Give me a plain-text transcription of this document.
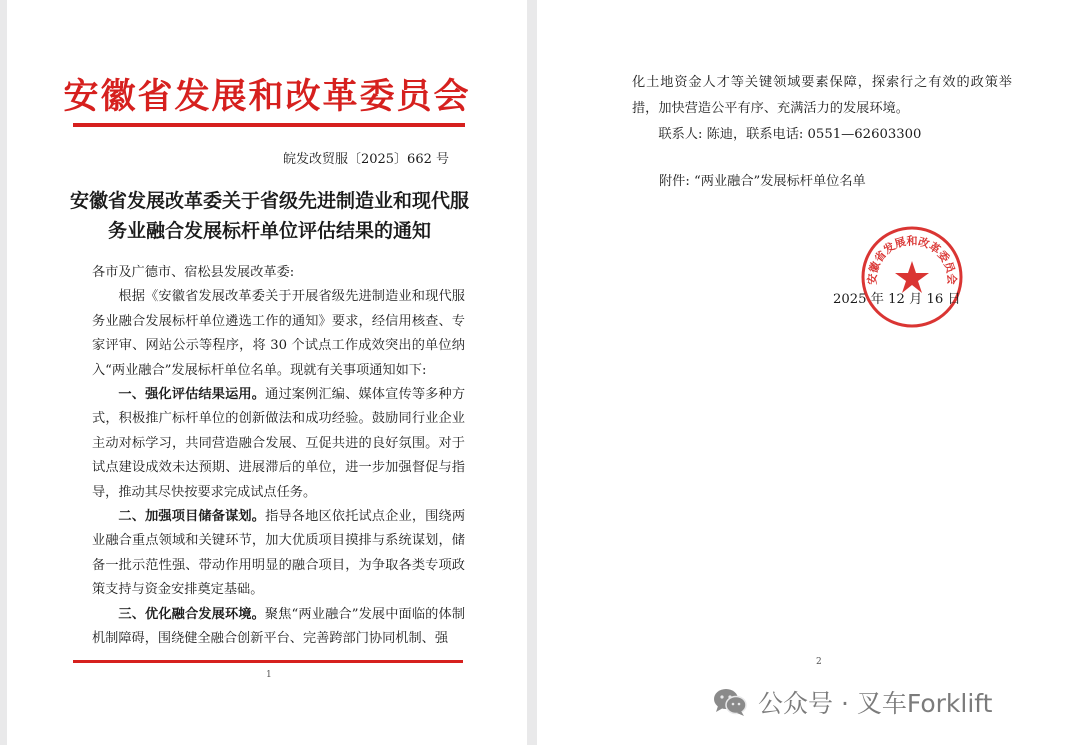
安徽省发展和改革委员会
皖发改贸服〔2025〕662 号
安徽省发展改革委关于省级先进制造业和现代服务业融合发展标杆单位评估结果的通知

各市及广德市、宿松县发展改革委:

根据《安徽省发展改革委关于开展省级先进制造业和现代服务业融合发展标杆单位遴选工作的通知》要求，经信用核查、专家评审、网站公示等程序，将 30 个试点工作成效突出的单位纳入“两业融合”发展标杆单位名单。现就有关事项通知如下:

一、强化评估结果运用。通过案例汇编、媒体宣传等多种方式，积极推广标杆单位的创新做法和成功经验。鼓励同行业企业主动对标学习，共同营造融合发展、互促共进的良好氛围。对于试点建设成效未达预期、进展滞后的单位，进一步加强督促与指导，推动其尽快按要求完成试点任务。

二、加强项目储备谋划。指导各地区依托试点企业，围绕两业融合重点领域和关键环节，加大优质项目摸排与系统谋划，储备一批示范性强、带动作用明显的融合项目，为争取各类专项政策支持与资金安排奠定基础。

三、优化融合发展环境。聚焦“两业融合”发展中面临的体制机制障碍，围绕健全融合创新平台、完善跨部门协同机制、强

1

化土地资金人才等关键领域要素保障，探索行之有效的政策举措，加快营造公平有序、充满活力的发展环境。

联系人: 陈迪，联系电话: 0551—62603300

附件: “两业融合”发展标杆单位名单
安徽省发展和改革委员会
2025 年 12 月 16 日
2
公众号 · 叉车Forklift
